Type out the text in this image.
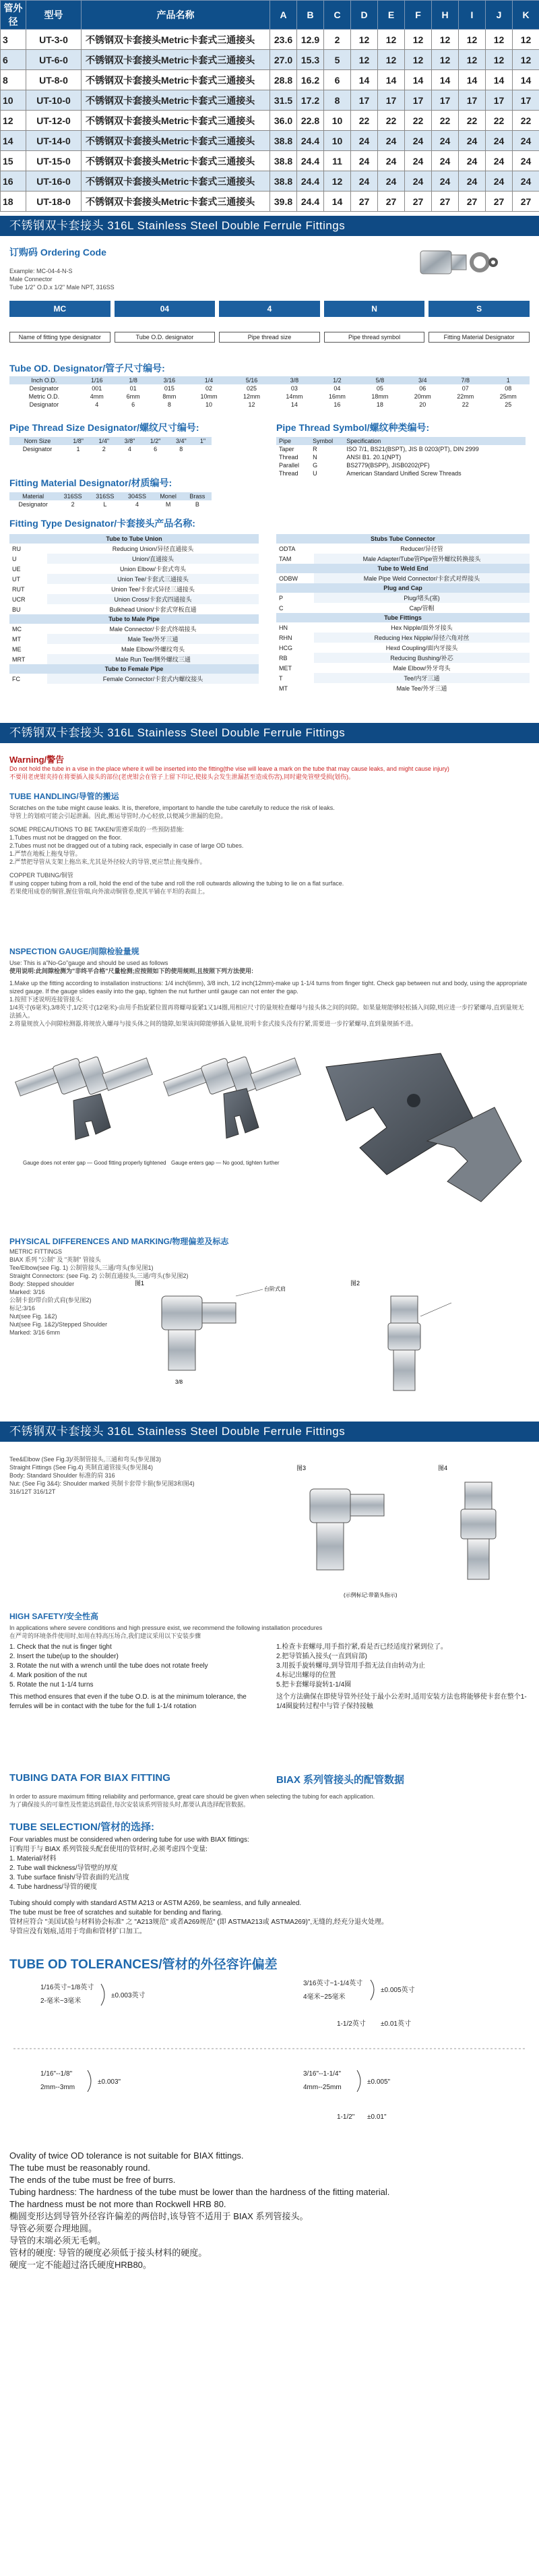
管外径	型号	产品名称	A	B	C	D	E	F	H	I	J	K
3	UT-3-0	不锈钢双卡套接头Metric卡套式三通接头	23.6	12.9	2	12	12	12	12	12	12	12
6	UT-6-0	不锈钢双卡套接头Metric卡套式三通接头	27.0	15.3	5	12	12	12	12	12	12	12
8	UT-8-0	不锈钢双卡套接头Metric卡套式三通接头	28.8	16.2	6	14	14	14	14	14	14	14
10	UT-10-0	不锈钢双卡套接头Metric卡套式三通接头	31.5	17.2	8	17	17	17	17	17	17	17
12	UT-12-0	不锈钢双卡套接头Metric卡套式三通接头	36.0	22.8	10	22	22	22	22	22	22	22
14	UT-14-0	不锈钢双卡套接头Metric卡套式三通接头	38.8	24.4	10	24	24	24	24	24	24	24
15	UT-15-0	不锈钢双卡套接头Metric卡套式三通接头	38.8	24.4	11	24	24	24	24	24	24	24
16	UT-16-0	不锈钢双卡套接头Metric卡套式三通接头	38.8	24.4	12	24	24	24	24	24	24	24
18	UT-18-0	不锈钢双卡套接头Metric卡套式三通接头	39.8	24.4	14	27	27	27	27	27	27	27
不锈钢双卡套接头 316L Stainless Steel Double Ferrule Fittings
订购码 Ordering Code
Example: MC-04-4-N-S
Male Connector
Tube 1/2" O.D.x 1/2" Male NPT, 316SS
MC	04	4	N	S
Name of fitting type designator	Tube O.D. designator	Pipe thread size	Pipe thread symbol	Fitting Material Designator
Tube OD. Designator/管子尺寸编号:
Inch O.D.	1/16	1/8	3/16	1/4	5/16	3/8	1/2	5/8	3/4	7/8	1
Designator	001	01	015	02	025	03	04	05	06	07	08
Metric O.D.	4mm	6mm	8mm	10mm	12mm	14mm	16mm	18mm	20mm	22mm	25mm
Designator	4	6	8	10	12	14	16	18	20	22	25
Pipe Thread Size Designator/螺纹尺寸编号:
Norn Size	1/8"	1/4"	3/8"	1/2"	3/4"	1"
Designator	1	2	4	6	8	
Pipe Thread Symbol/螺纹种类编号:
Pipe	Symbol	Specification
Taper	R	ISO 7/1, BS21(BSPT), JIS B 0203(PT), DIN 2999
Thread	N	ANSI B1. 20.1(NPT)
Parallel	G	BS2779(BSPP), JISB0202(PF)
Thread	U	American Standard Unified Screw Threads
Fitting Material Designator/材质编号:
Material	316SS	316SS	304SS	Monel	Brass
Designator	2	L	4	M	B
Fitting Type Designator/卡套接头产品名称:
Tube to Tube Union	
RU	Reducing Union/异径直通接头
U	Union/直通接头
UE	Union Elbow/卡套式弯头
UT	Union Tee/卡套式三通接头
RUT	Union Tee/卡套式异径三通接头
UCR	Union Cross/卡套式四通接头
BU	Bulkhead Union/卡套式穿板直通
Tube to Male Pipe	
MC	Male Connector/卡套式终端接头
MT	Male Tee/外牙三通
ME	Male Elbow/外螺纹弯头
MRT	Male Run Tee/侧外螺纹三通
Tube to Female Pipe	
FC	Female Connector/卡套式内螺纹接头
Stubs Tube Connector	
ODTA	Reducer/异径管
TAM	Male Adapter/Tube管Pipe管外螺纹转换接头
Tube to Weld End	
ODBW	Male Pipe Weld Connector/卡套式对焊接头
Plug and Cap	
P	Plug/堵头(塞)
C	Cap/管帽
Tube Fittings	
HN	Hex Nipple/面外牙接头
RHN	Reducing Hex Nipple/异径六角对丝
HCG	Hexd Coupling/面内牙接头
RB	Reducing Bushing/补芯
MET	Male Elbow/外牙弯头
T	Tee/内牙三通
MT	Male Tee/外牙三通
不锈钢双卡套接头 316L Stainless Steel Double Ferrule Fittings
Warning/警告
Do not hold the tube in a vise in the place where it will be inserted into the fitting(the vise will leave a mark on the tube that may cause leaks, and might cause injury)
不要用老虎钳夹持在将要插入接头的部位(老虎钳会在管子上留下印记,使接头会发生泄漏甚至造成伤害),同时避免管壁受损(划伤)。
TUBE HANDLING/导管的搬运
Scratches on the tube might cause leaks. It is, therefore, important to handle the tube carefully to reduce the risk of leaks.
导管上的划痕可能会引起泄漏。因此,搬运导管时,办心轻放,以便减少泄漏的危险。
SOME PRECAUTIONS TO BE TAKEN/需遵采取的一些预防措施:
1.Tubes must not be dragged on the floor.
2.Tubes must not be dragged out of a tubing rack, especially in case of large OD tubes.
1.严禁在地板上拖曳导管。
2.严禁把导管从支架上拖出来,尤其是外径较大的导管,更应禁止拖曳操作。
COPPER TUBING/铜管
If using copper tubing from a roll, hold the end of the tube and roll the roll outwards allowing the tubing to lie on a flat surface.
若果使用成卷的铜管,握住管端,向外滚动铜管卷,使其平铺在平坦的表面上。
NSPECTION GAUGE/间隙检验量规
Use: This is a"No-Go"gauge and should be used as follows
使用说明:此间隙检测为"非终平合格"尺量检测;应按照如下的使用规则,且按照下列方法使用:
1.Make up the fitting according to installation instructions: 1/4 inch(6mm), 3/8 inch, 1/2 inch(12mm)-make up 1-1/4 turns from finger tight. Check gap between nut and body, using the appropriate sized gauge. If the gauge slides easily into the gap, tighten the nut further until gauge can not enter the gap.
1.按照下述说明连接管接头:
1/4英寸(6毫米),3/8英寸,1/2英寸(12毫米)-由用手指旋紧位置再将螺母旋紧1又1/4圈,用相应尺寸的量规检查螺母与接头体之间的间隙。如果量规能够轻松插入间隙,则应进一步拧紧螺母,直到量规无法插入。
2.将量规放入小间隙检测器,将规放入螺母与接头体之间的缝隙,如果该间隙能够插入量规,说明卡套式接头没有拧紧,需要进一步拧紧螺母,直到量规插不进。
Gauge does not enter gap — Good fitting properly tightened Gauge enters gap — No good, tighten further
PHYSICAL DIFFERENCES AND MARKING/物理偏差及标志
METRIC FITTINGS
BIAX 系列 "公制" 及 "英制" 管接头
Tee/Elbow(see Fig. 1) 公制管接头,三通/弯头(参见图1)
Straight Connectors: (see Fig. 2) 公制直通接头,三通/弯头(参见图2)
Body: Stepped shoulder
Marked: 3/16
公制卡套/带台阶式肩(参见图2)
标记:3/16
Nut(see Fig. 1&2)
Nut(see Fig. 1&2)/Stepped Shoulder
Marked: 3/16 6mm
图1	图2
台阶式肩
3/8
不锈钢双卡套接头 316L Stainless Steel Double Ferrule Fittings
Tee&Elbow (See Fig.3)/英制管接头,三通和弯头(参见图3)
Straight Fittings (See Fig.4) 英制直通管接头(参见图4)
Body: Standard Shoulder 标准的肩 316
Nut: (See Fig 3&4): Shoulder marked 英制卡套带卡箍(参见图3和图4)
316/12T 316/12T
图3	图4
(示例标记:带箭头指示)
HIGH SAFETY/安全性高
In applications where severe conditions and high pressure exist, we recommend the following installation procedures
在严苛的环境条件使用时,如用在特高压场合,我们建议采用以下安装步骤
1. Check that the nut is finger tight
2. Insert the tube(up to the shoulder)
3. Rotate the nut with a wrench until the tube does not rotate freely
4. Mark position of the nut
5. Rotate the nut 1-1/4 turns
This method ensures that even if the tube O.D. is at the minimum tolerance, the ferrules will be in contact with the tube for the full 1-1/4 rotation
1.检查卡套螺母,用手指拧紧,看是否已经适度拧紧到位了。
2.把导管插入接头(一直到肩部)
3.用扳手旋转螺母,到导管用手指无法自由转动为止
4.标记出螺母的位置
5.把卡套螺母旋转1-1/4圈
这个方法确保在即使导管外径处于最小公差时,适用安装方法也将能够使卡套在整个1-1/4圈旋转过程中与管子保持接触
TUBING DATA FOR BIAX FITTING	BIAX 系列管接头的配管数据
In order to assure maximum fitting reliability and performance, great care should be given when selecting the tubing for each application.
为了确保接头的可靠性及性能达到最佳,每次安装该系列管接头时,都要认真选择配管数据。
TUBE SELECTION/管材的选择:
Four variables must be considered when ordering tube for use with BIAX fittings:
订购用于与 BIAX 系列管接头配套使用的管材时,必须考虑四个变量:
1. Material/材料
2. Tube wall thickness/导管壁的厚度
3. Tube surface finish/导管表面的光洁度
4. Tube hardness/导管的硬度
Tubing should comply with standard ASTM A213 or ASTM A269, be seamless, and fully annealed.
The tube must be free of scratches and suitable for bending and flaring.
管材应符合 "美国试验与材料协会标准" 之 "A213规范" 或者A269规范" (即 ASTMA213或 ASTMA269)",无缝的,经充分退火处理。
导管应没有划痕,适用于弯曲和管材扩口加工。
TUBE OD TOLERANCES/管材的外径容许偏差
1/16英寸~1/8英寸
2-毫米~3毫米
±0.003英寸
3/16英寸~1-1/4英寸
4毫米~25毫米
±0.005英寸
1-1/2英寸 ±0.01英寸
1/16"--1/8"
2mm--3mm
±0.003"
3/16"--1-1/4"
4mm--25mm
±0.005"
1-1/2" ±0.01"
Ovality of twice OD tolerance is not suitable for BIAX fittings.
The tube must be reasonably round.
The ends of the tube must be free of burrs.
Tubing hardness: The hardness of the tube must be lower than the hardness of the fitting material.
The hardness must be not more than Rockwell HRB 80.
椭圆变形达到导管外径容许偏差的两倍时,该导管不适用于 BIAX 系列管接头。
导管必须要合理地圆。
导管的末端必须无毛刺。
管材的硬度: 导管的硬度必须低于接头材料的硬度。
硬度一定不能超过洛氏硬度HRB80。
